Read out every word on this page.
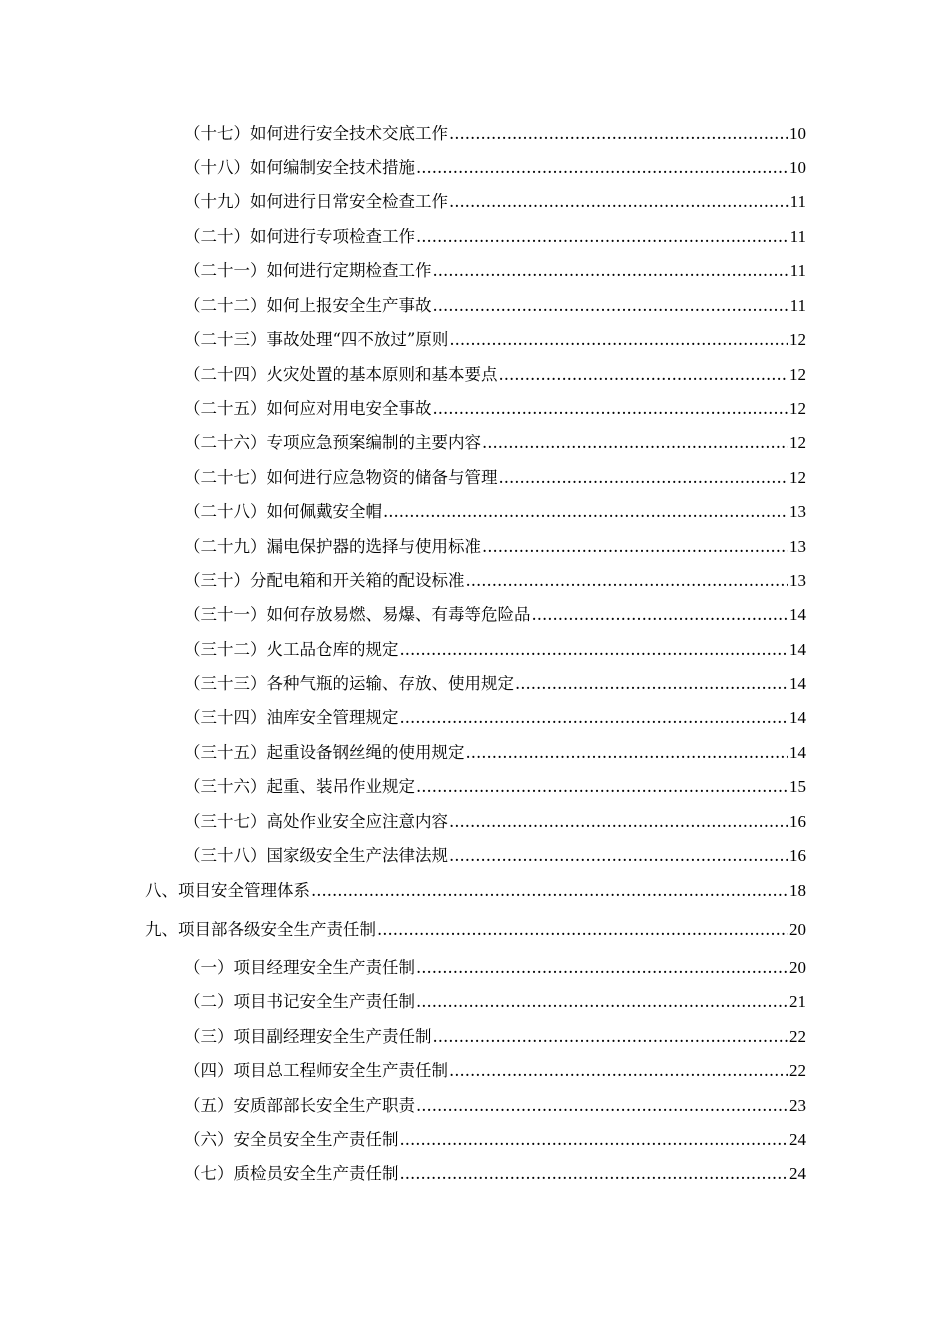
（十七）如何进行安全技术交底工作 .....	10
（十八）如何编制安全技术措施 .....	10
（十九）如何进行日常安全检查工作 .....	11
（二十）如何进行专项检查工作 .....	11
（二十一）如何进行定期检查工作 .....	11
（二十二）如何上报安全生产事故 .....	11
（二十三）事故处理“四不放过”原则 .....	12
（二十四）火灾处置的基本原则和基本要点 .....	12
（二十五）如何应对用电安全事故 .....	12
（二十六）专项应急预案编制的主要内容 .....	12
（二十七）如何进行应急物资的储备与管理 .....	12
（二十八）如何佩戴安全帽 .....	13
（二十九）漏电保护器的选择与使用标准 .....	13
（三十）分配电箱和开关箱的配设标准 .....	13
（三十一）如何存放易燃、易爆、有毒等危险品 .....	14
（三十二）火工品仓库的规定 .....	14
（三十三）各种气瓶的运输、存放、使用规定 .....	14
（三十四）油库安全管理规定 .....	14
（三十五）起重设备钢丝绳的使用规定 .....	14
（三十六）起重、装吊作业规定 .....	15
（三十七）高处作业安全应注意内容 .....	16
（三十八）国家级安全生产法律法规 .....	16
八、项目安全管理体系 .....	18
九、项目部各级安全生产责任制 .....	20
（一）项目经理安全生产责任制 .....	20
（二）项目书记安全生产责任制 .....	21
（三）项目副经理安全生产责任制 .....	22
（四）项目总工程师安全生产责任制 .....	22
（五）安质部部长安全生产职责 .....	23
（六）安全员安全生产责任制 .....	24
（七）质检员安全生产责任制 .....	24
